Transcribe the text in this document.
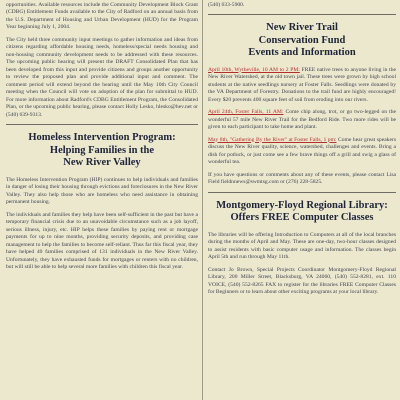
opportunities. Available resources include the Community Development Block Grant (CDBG) Entitlement Funds available to the City of Radford on an annual basis from the U.S. Department of Housing and Urban Development (HUD) for the Program Year beginning July 1, 2004.

The City held three community input meetings to gather information and ideas from citizens regarding affordable housing needs, homeless/special needs housing and non-housing community development needs to be addressed with these resources. The upcoming public hearing will present the DRAFT Consolidated Plan that has been developed from this input and provide citizens and groups another opportunity to review the proposed plan and provide additional input and comment. The comment period will extend beyond the hearing until the May 10th City Council meeting when the Council will vote on adoption of the plan for submittal to HUD. For more information about Radford's CDBG Entitlement Program, the Consolidated Plan, or the upcoming public hearing, please contact Holly Lesko, hlesko@hev.net or (540) 639-9313.

Homeless Intervention Program:
Helping Families in the
New River Valley

The Homeless Intervention Program (HIP) continues to help individuals and families in danger of losing their housing through evictions and foreclosures in the New River Valley. They also help those who are homeless who need assistance in obtaining permanent housing.

The individuals and families they help have been self-sufficient in the past but have a temporary financial crisis due to an unavoidable circumstance such as a job layoff, serious illness, injury, etc. HIP helps these families by paying rent or mortgage payments for up to nine months, providing security deposits, and providing case management to help the families to become self-reliant. Thus far this fiscal year, they have helped 40 families comprised of 131 individuals in the New River Valley. Unfortunately, they have exhausted funds for mortgages or renters with no children, but will still be able to help several more families with children this fiscal year.

(540) 633-5900.

New River Trail
Conservation Fund
Events and Information

April 10th, Wytheville, 10 AM to 2 PM: FREE native trees to anyone living in the New River Watershed, at the old town jail. These trees were grown by high school students at the native seedlings nursery at Foster Falls. Seedlings were donated by the VA Department of Forestry. Donations to the trail fund are highly encouraged! Every $20 prevents 400 square feet of soil from eroding into our rivers.

April 24th, Foster Falls, 11 AM: Come chip along, trot, or go two-legged on the wonderful 57 mile New River Trail for the Bedford Ride. Two more rides will be given to each participant to take home and plant.

May 8th, "Gathering By the River" at Foster Falls, 1 pm: Come hear great speakers discuss the New River quality, science, watershed, challenges and events. Bring a dish for potluck, or just come see a few brave things off a grill and swig a glass of wonderful tea.

If you have questions or comments about any of these events, please contact Lisa Field fieldnnews@swmtsg.com or (276) 228-5825.

Montgomery-Floyd Regional Library:
Offers FREE Computer Classes

The libraries will be offering Introduction to Computers at all of the local branches during the months of April and May. These are one-day, two-hour classes designed to assist residents with basic computer usage and information. The classes begin April 5th and run through May 11th.

Contact Jo Brown, Special Projects Coordinator Montgomery-Floyd Regional Library, 200 Miller Street, Blacksburg, VA 24060, (540) 552-8281, ext. 110 VOICE, (540) 552-8265 FAX to register for the libraries FREE Computer Classes for Beginners or to learn about other exciting programs at your local library.
